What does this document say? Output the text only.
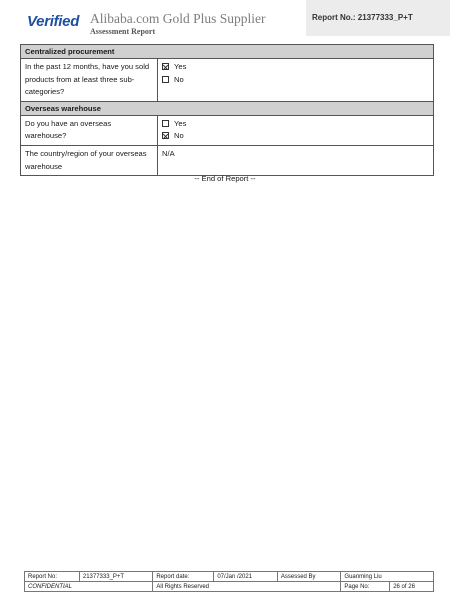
Verified Alibaba.com Gold Plus Supplier
Assessment Report
Report No.: 21377333_P+T
Centralized procurement	
In the past 12 months, have you sold products from at least three sub-categories?	Yes
No

Overseas warehouse	
Do you have an overseas warehouse?	Yes
No

The country/region of your overseas warehouse	N/A
-- End of Report --
Report No:	21377333_P+T	Report date:	07/Jan /2021	Assessed By	Guanming Liu	
CONFIDENTIAL		All Rights Reserved			Page No:	26 of 26
